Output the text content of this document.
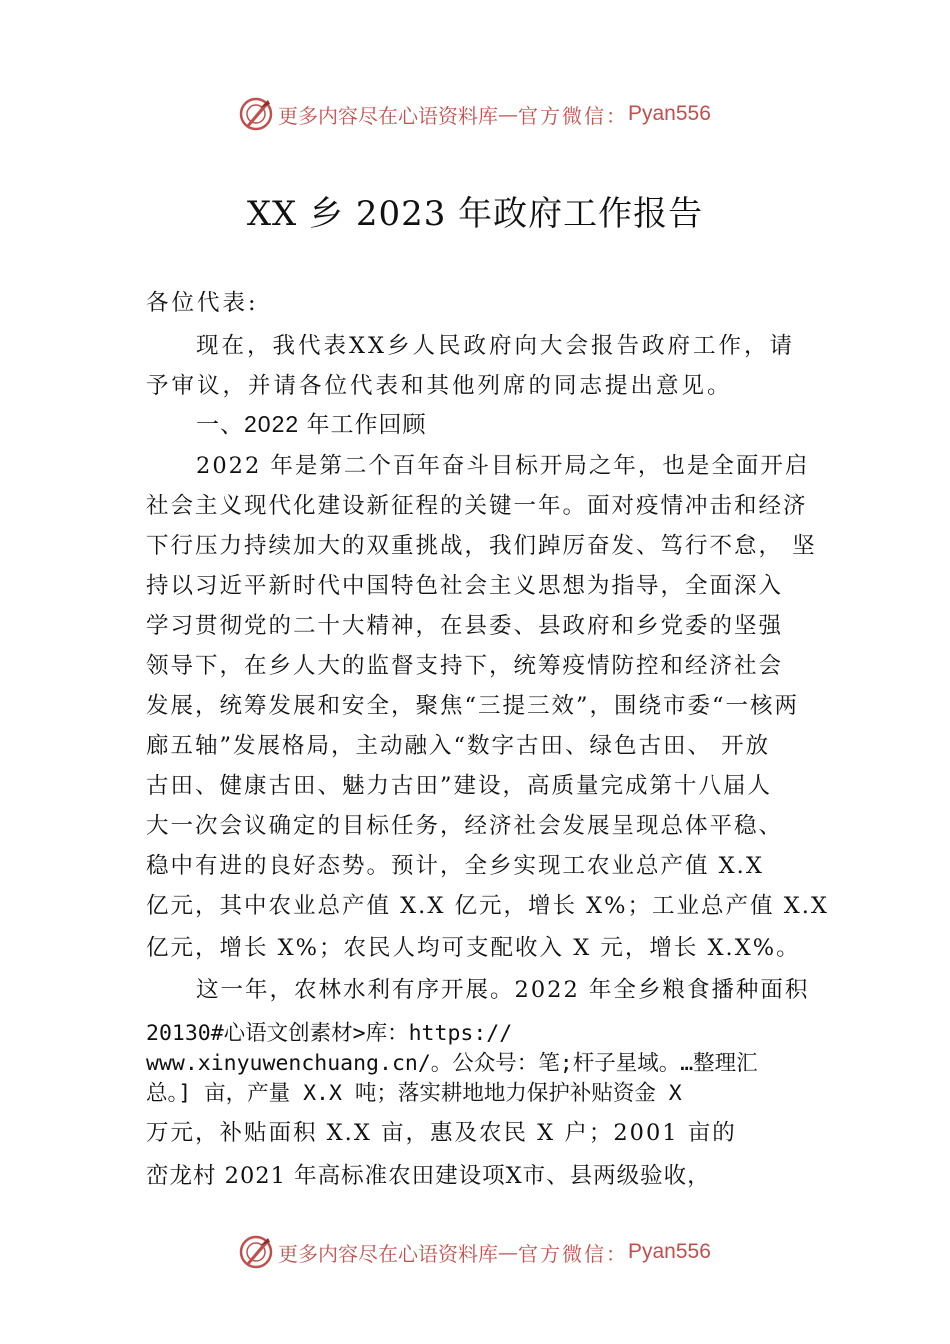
更多内容尽在心语资料库 — 官方微信： Pyan556
XX 乡 2023 年政府工作报告
各位代表:
现在，我代表XX乡人民政府向大会报告政府工作，请
予审议，并请各位代表和其他列席的同志提出意见。
一、2022 年工作回顾
2022 年是第二个百年奋斗目标开局之年，也是全面开启
社会主义现代化建设新征程的关键一年。面对疫情冲击和经济
下行压力持续加大的双重挑战，我们踔厉奋发、笃行不怠， 坚
持以习近平新时代中国特色社会主义思想为指导，全面深入
学习贯彻党的二十大精神，在县委、县政府和乡党委的坚强
领导下，在乡人大的监督支持下，统筹疫情防控和经济社会
发展，统筹发展和安全，聚焦“三提三效”，围绕市委“一核两
廊五轴”发展格局，主动融入“数字古田、绿色古田、 开放
古田、健康古田、魅力古田”建设，高质量完成第十八届人
大一次会议确定的目标任务，经济社会发展呈现总体平稳、
稳中有进的良好态势。预计，全乡实现工农业总产值 X.X
亿元，其中农业总产值 X.X 亿元，增长 X%；工业总产值 X.X
亿元，增长 X%；农民人均可支配收入 X 元，增长 X.X%。
这一年，农林水利有序开展。2022 年全乡粮食播种面积
20130#心语文创素材>库：https://
www.xinyuwenchuang.cn/。公众号：笔;杆子星域。…整理汇
总。] 亩，产量 X.X 吨；落实耕地地力保护补贴资金 X
万元，补贴面积 X.X 亩，惠及农民 X 户；2001 亩的
峦龙村 2021 年高标准农田建设项X市、县两级验收，
更多内容尽在心语资料库 — 官方微信： Pyan556
